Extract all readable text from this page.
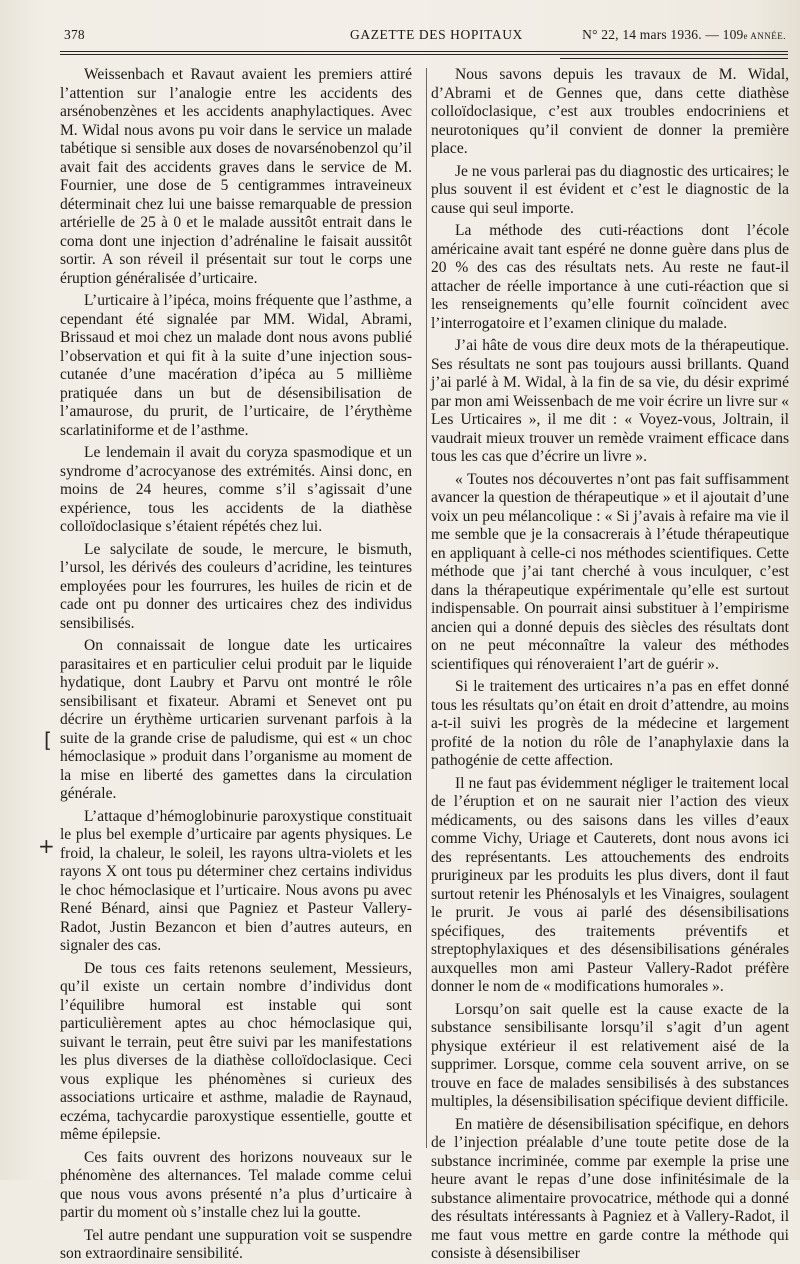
378	GAZETTE DES HOPITAUX	N° 22, 14 mars 1936. — 109e ANNÉE.

Weissenbach et Ravaut avaient les premiers attiré l’attention sur l’analogie entre les accidents des arsénobenzènes et les accidents anaphylactiques. Avec M. Widal nous avons pu voir dans le service un malade tabétique si sensible aux doses de novarsénobenzol qu’il avait fait des accidents graves dans le service de M. Fournier, une dose de 5 centigrammes intraveineux déterminait chez lui une baisse remarquable de pression artérielle de 25 à 0 et le malade aussitôt entrait dans le coma dont une injection d’adrénaline le faisait aussitôt sortir. A son réveil il présentait sur tout le corps une éruption généralisée d’urticaire.

L’urticaire à l’ipéca, moins fréquente que l’asthme, a cependant été signalée par MM. Widal, Abrami, Brissaud et moi chez un malade dont nous avons publié l’observation et qui fit à la suite d’une injection sous-cutanée d’une macération d’ipéca au 5 millième pratiquée dans un but de désensibilisation de l’amaurose, du prurit, de l’urticaire, de l’érythème scarlatiniforme et de l’asthme.

Le lendemain il avait du coryza spasmodique et un syndrome d’acrocyanose des extrémités. Ainsi donc, en moins de 24 heures, comme s’il s’agissait d’une expérience, tous les accidents de la diathèse colloïdoclasique s’étaient répétés chez lui.

Le salycilate de soude, le mercure, le bismuth, l’ursol, les dérivés des couleurs d’acridine, les teintures employées pour les fourrures, les huiles de ricin et de cade ont pu donner des urticaires chez des individus sensibilisés.

On connaissait de longue date les urticaires parasitaires et en particulier celui produit par le liquide hydatique, dont Laubry et Parvu ont montré le rôle sensibilisant et fixateur. Abrami et Senevet ont pu décrire un érythème urticarien survenant parfois à la suite de la grande crise de paludisme, qui est « un choc hémoclasique » produit dans l’organisme au moment de la mise en liberté des gamettes dans la circulation générale.

L’attaque d’hémoglobinurie paroxystique constituait le plus bel exemple d’urticaire par agents physiques. Le froid, la chaleur, le soleil, les rayons ultra-violets et les rayons X ont tous pu déterminer chez certains individus le choc hémoclasique et l’urticaire. Nous avons pu avec René Bénard, ainsi que Pagniez et Pasteur Vallery-Radot, Justin Bezancon et bien d’autres auteurs, en signaler des cas.

De tous ces faits retenons seulement, Messieurs, qu’il existe un certain nombre d’individus dont l’équilibre humoral est instable qui sont particulièrement aptes au choc hémoclasique qui, suivant le terrain, peut être suivi par les manifestations les plus diverses de la diathèse colloïdoclasique. Ceci vous explique les phénomènes si curieux des associations urticaire et asthme, maladie de Raynaud, eczéma, tachycardie paroxystique essentielle, goutte et même épilepsie.

Ces faits ouvrent des horizons nouveaux sur le phénomène des alternances. Tel malade comme celui que nous vous avons présenté n’a plus d’urticaire à partir du moment où s’installe chez lui la goutte.

Tel autre pendant une suppuration voit se suspendre son extraordinaire sensibilité.

[
+

Nous savons depuis les travaux de M. Widal, d’Abrami et de Gennes que, dans cette diathèse colloïdoclasique, c’est aux troubles endocriniens et neurotoniques qu’il convient de donner la première place.

Je ne vous parlerai pas du diagnostic des urticaires; le plus souvent il est évident et c’est le diagnostic de la cause qui seul importe.

La méthode des cuti-réactions dont l’école américaine avait tant espéré ne donne guère dans plus de 20 % des cas des résultats nets. Au reste ne faut-il attacher de réelle importance à une cuti-réaction que si les renseignements qu’elle fournit coïncident avec l’interrogatoire et l’examen clinique du malade.

J’ai hâte de vous dire deux mots de la thérapeutique. Ses résultats ne sont pas toujours aussi brillants. Quand j’ai parlé à M. Widal, à la fin de sa vie, du désir exprimé par mon ami Weissenbach de me voir écrire un livre sur « Les Urticaires », il me dit : « Voyez-vous, Joltrain, il vaudrait mieux trouver un remède vraiment efficace dans tous les cas que d’écrire un livre ».

« Toutes nos découvertes n’ont pas fait suffisamment avancer la question de thérapeutique » et il ajoutait d’une voix un peu mélancolique : « Si j’avais à refaire ma vie il me semble que je la consacrerais à l’étude thérapeutique en appliquant à celle-ci nos méthodes scientifiques. Cette méthode que j’ai tant cherché à vous inculquer, c’est dans la thérapeutique expérimentale qu’elle est surtout indispensable. On pourrait ainsi substituer à l’empirisme ancien qui a donné depuis des siècles des résultats dont on ne peut méconnaître la valeur des méthodes scientifiques qui rénoveraient l’art de guérir ».

Si le traitement des urticaires n’a pas en effet donné tous les résultats qu’on était en droit d’attendre, au moins a-t-il suivi les progrès de la médecine et largement profité de la notion du rôle de l’anaphylaxie dans la pathogénie de cette affection.

Il ne faut pas évidemment négliger le traitement local de l’éruption et on ne saurait nier l’action des vieux médicaments, ou des saisons dans les villes d’eaux comme Vichy, Uriage et Cauterets, dont nous avons ici des représentants. Les attouchements des endroits prurigineux par les produits les plus divers, dont il faut surtout retenir les Phénosalyls et les Vinaigres, soulagent le prurit. Je vous ai parlé des désensibilisations spécifiques, des traitements préventifs et streptophylaxiques et des désensibilisations générales auxquelles mon ami Pasteur Vallery-Radot préfère donner le nom de « modifications humorales ».

Lorsqu’on sait quelle est la cause exacte de la substance sensibilisante lorsqu’il s’agit d’un agent physique extérieur il est relativement aisé de la supprimer. Lorsque, comme cela souvent arrive, on se trouve en face de malades sensibilisés à des substances multiples, la désensibilisation spécifique devient difficile.

En matière de désensibilisation spécifique, en dehors de l’injection préalable d’une toute petite dose de la substance incriminée, comme par exemple la prise une heure avant le repas d’une dose infinitésimale de la substance alimentaire provocatrice, méthode qui a donné des résultats intéressants à Pagniez et à Vallery-Radot, il me faut vous mettre en garde contre la méthode qui consiste à désensibiliser
